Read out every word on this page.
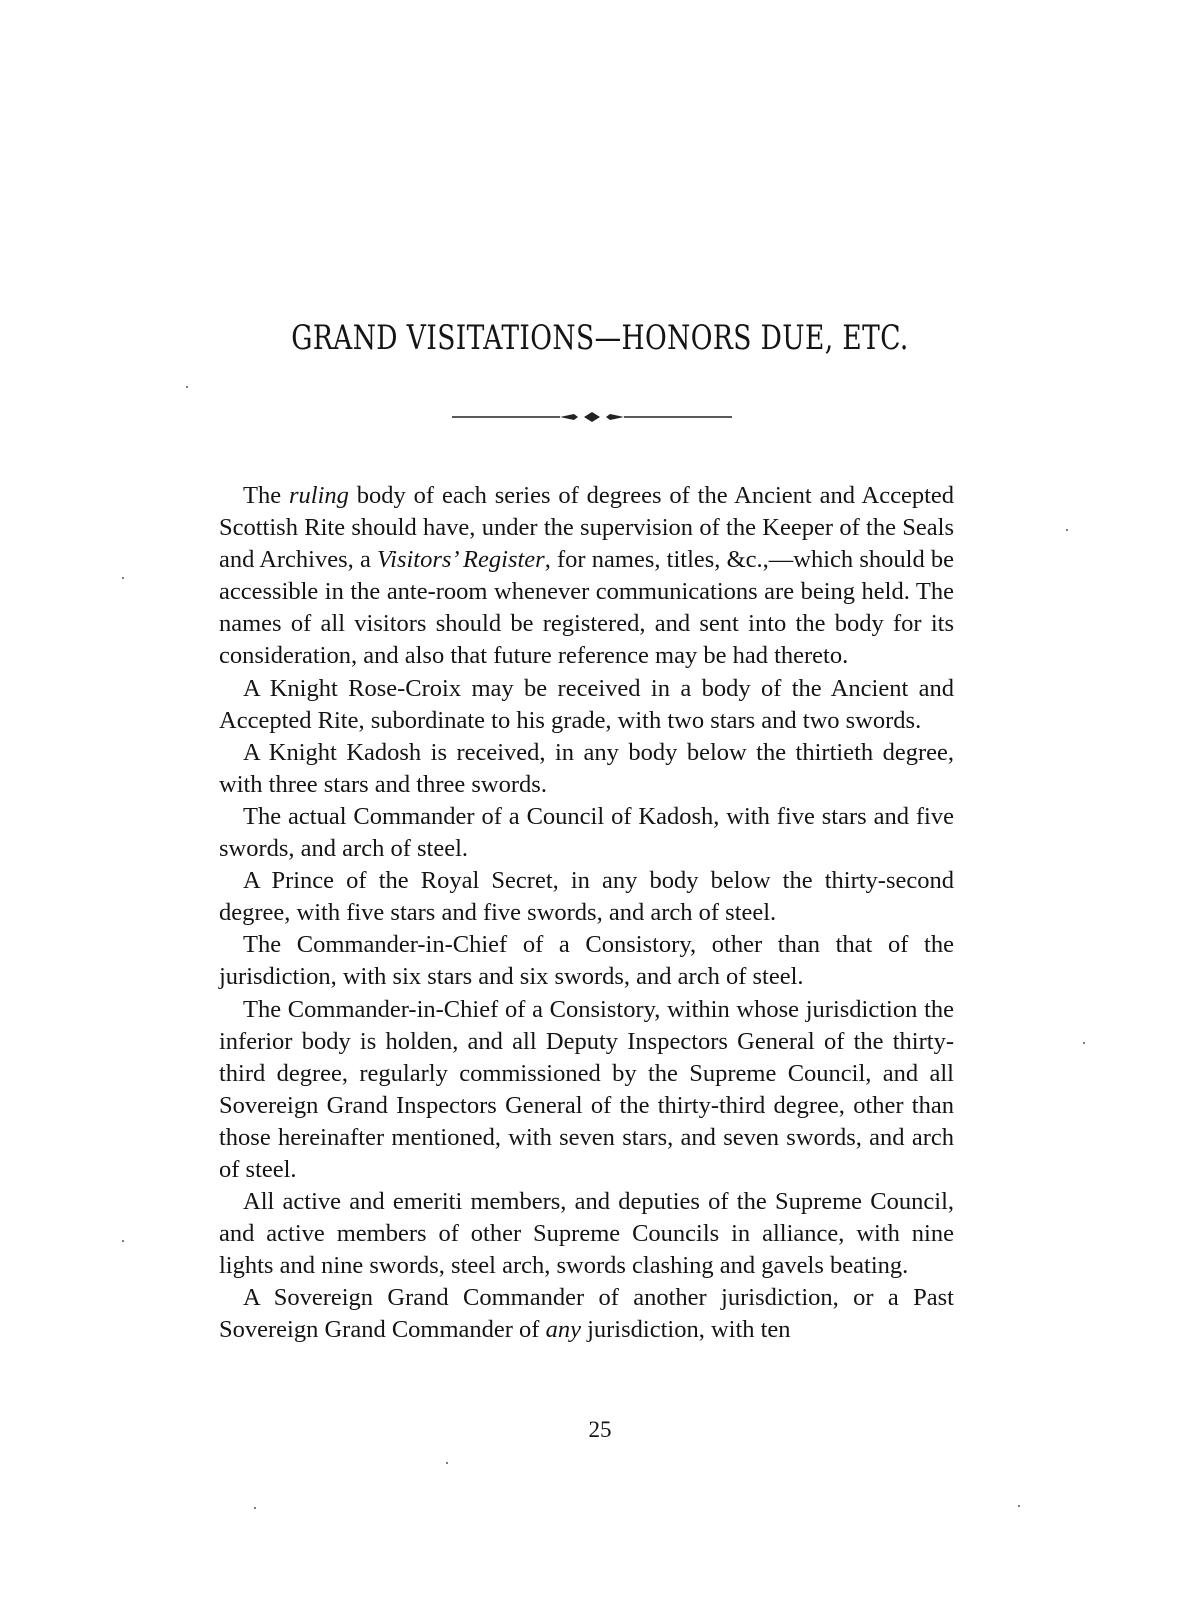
GRAND VISITATIONS—HONORS DUE, ETC.

The ruling body of each series of degrees of the Ancient and Accepted Scottish Rite should have, under the supervision of the Keeper of the Seals and Archives, a Visitors’ Register, for names, titles, &c.,—which should be accessible in the ante-room whenever communications are being held. The names of all visitors should be registered, and sent into the body for its consideration, and also that future reference may be had thereto.

A Knight Rose-Croix may be received in a body of the Ancient and Accepted Rite, subordinate to his grade, with two stars and two swords.

A Knight Kadosh is received, in any body below the thirtieth degree, with three stars and three swords.

The actual Commander of a Council of Kadosh, with five stars and five swords, and arch of steel.

A Prince of the Royal Secret, in any body below the thirty-second degree, with five stars and five swords, and arch of steel.

The Commander-in-Chief of a Consistory, other than that of the jurisdiction, with six stars and six swords, and arch of steel.

The Commander-in-Chief of a Consistory, within whose jurisdiction the inferior body is holden, and all Deputy Inspectors General of the thirty-third degree, regularly commissioned by the Supreme Council, and all Sovereign Grand Inspectors General of the thirty-third degree, other than those hereinafter mentioned, with seven stars, and seven swords, and arch of steel.

All active and emeriti members, and deputies of the Supreme Council, and active members of other Supreme Councils in alliance, with nine lights and nine swords, steel arch, swords clashing and gavels beating.

A Sovereign Grand Commander of another jurisdiction, or a Past Sovereign Grand Commander of any jurisdiction, with ten

25
